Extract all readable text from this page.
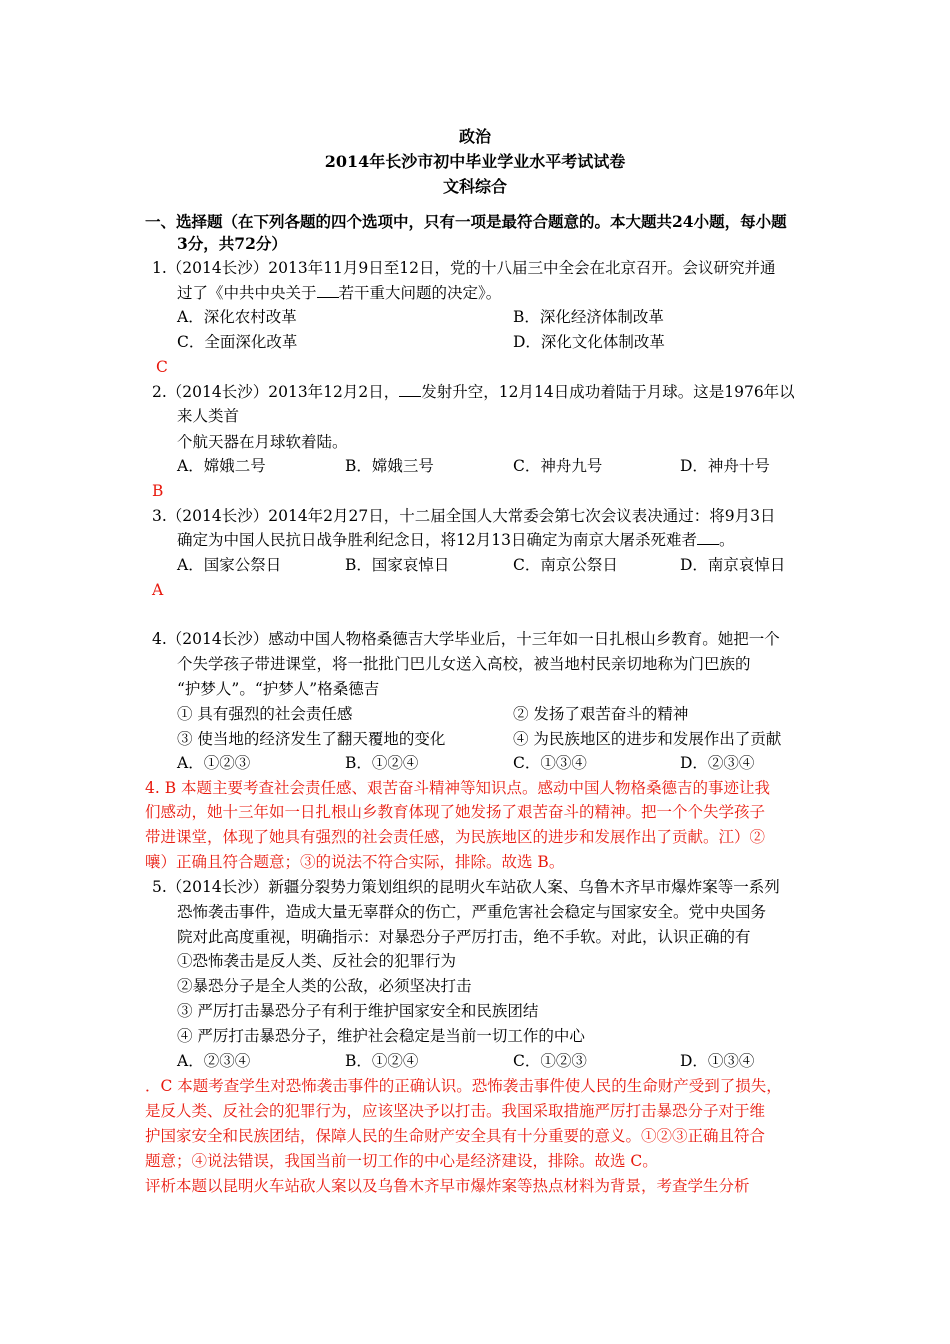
政治
2014年长沙市初中毕业学业水平考试试卷
文科综合
一、选择题（在下列各题的四个选项中，只有一项是最符合题意的。本大题共24小题，每小题
3分，共72分）
1.（2014长沙）2013年11月9日至12日，党的十八届三中全会在北京召开。会议研究并通
过了《中共中央关于 若干重大问题的决定》。
A．深化农村改革	B．深化经济体制改革
C．全面深化改革	D．深化文化体制改革
C
2.（2014长沙）2013年12月2日， 发射升空，12月14日成功着陆于月球。这是1976年以
来人类首
个航天器在月球软着陆。
A．嫦娥二号	B．嫦娥三号	C．神舟九号	D．神舟十号
B
3.（2014长沙）2014年2月27日，十二届全国人大常委会第七次会议表决通过：将9月3日
确定为中国人民抗日战争胜利纪念日，将12月13日确定为南京大屠杀死难者 。
A．国家公祭日	B．国家哀悼日	C．南京公祭日	D．南京哀悼日
A
4.（2014长沙）感动中国人物格桑德吉大学毕业后，十三年如一日扎根山乡教育。她把一个
个失学孩子带进课堂，将一批批门巴儿女送入高校，被当地村民亲切地称为门巴族的
“护梦人”。“护梦人”格桑德吉
① 具有强烈的社会责任感	② 发扬了艰苦奋斗的精神
③ 使当地的经济发生了翻天覆地的变化	④ 为民族地区的进步和发展作出了贡献
A．①②③	B．①②④	C．①③④	D．②③④
4. B 本题主要考查社会责任感、艰苦奋斗精神等知识点。感动中国人物格桑德吉的事迹让我
们感动，她十三年如一日扎根山乡教育体现了她发扬了艰苦奋斗的精神。把一个个失学孩子
带进课堂，体现了她具有强烈的社会责任感，为民族地区的进步和发展作出了贡献。江）②
嚷）正确且符合题意；③的说法不符合实际，排除。故选 B。
5.（2014长沙）新疆分裂势力策划组织的昆明火车站砍人案、乌鲁木齐早市爆炸案等一系列
恐怖袭击事件，造成大量无辜群众的伤亡，严重危害社会稳定与国家安全。党中央国务
院对此高度重视，明确指示：对暴恐分子严厉打击，绝不手软。对此，认识正确的有
①恐怖袭击是反人类、反社会的犯罪行为
②暴恐分子是全人类的公敌，必须坚决打击
③ 严厉打击暴恐分子有利于维护国家安全和民族团结
④ 严厉打击暴恐分子，维护社会稳定是当前一切工作的中心
A．②③④	B．①②④	C．①②③	D．①③④
．C 本题考查学生对恐怖袭击事件的正确认识。恐怖袭击事件使人民的生命财产受到了损失，
是反人类、反社会的犯罪行为，应该坚决予以打击。我国采取措施严厉打击暴恐分子对于维
护国家安全和民族团结，保障人民的生命财产安全具有十分重要的意义。①②③正确且符合
题意；④说法错误，我国当前一切工作的中心是经济建设，排除。故选 C。
评析本题以昆明火车站砍人案以及乌鲁木齐早市爆炸案等热点材料为背景，考查学生分析
